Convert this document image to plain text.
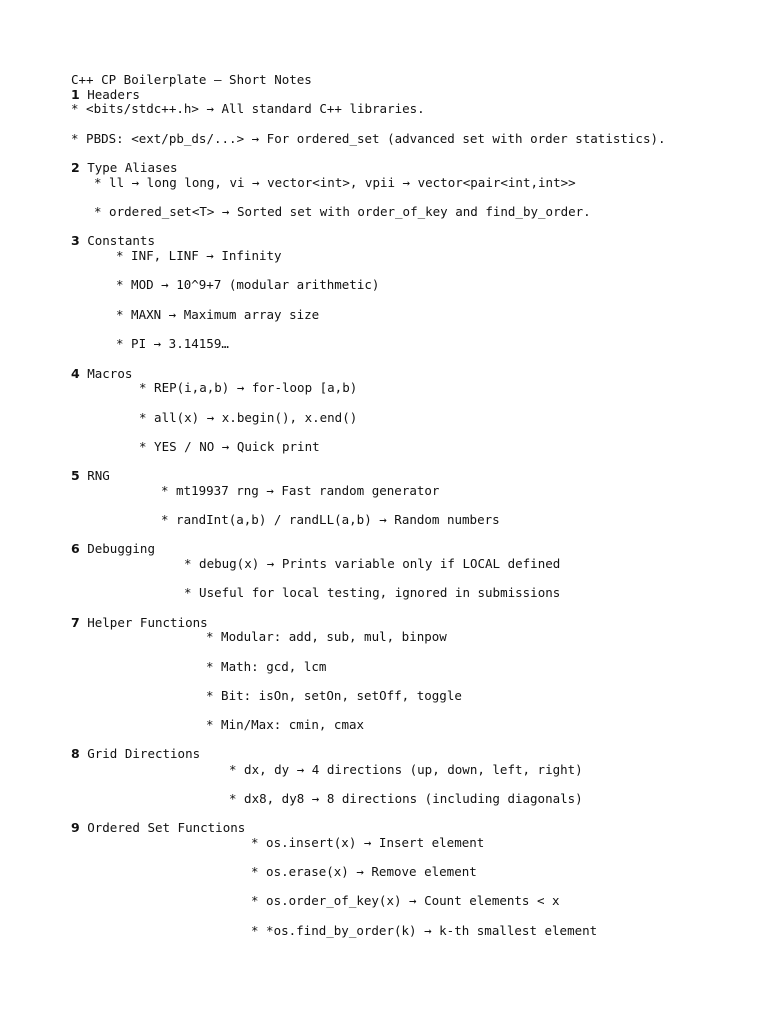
C++ CP Boilerplate – Short Notes
1 Headers
* <bits/stdc++.h> → All standard C++ libraries.
* PBDS: <ext/pb_ds/...> → For ordered_set (advanced set with order statistics).
2 Type Aliases
* ll → long long, vi → vector<int>, vpii → vector<pair<int,int>>
* ordered_set<T> → Sorted set with order_of_key and find_by_order.
3 Constants
* INF, LINF → Infinity
* MOD → 10^9+7 (modular arithmetic)
* MAXN → Maximum array size
* PI → 3.14159…
4 Macros
* REP(i,a,b) → for-loop [a,b)
* all(x) → x.begin(), x.end()
* YES / NO → Quick print
5 RNG
* mt19937 rng → Fast random generator
* randInt(a,b) / randLL(a,b) → Random numbers
6 Debugging
* debug(x) → Prints variable only if LOCAL defined
* Useful for local testing, ignored in submissions
7 Helper Functions
* Modular: add, sub, mul, binpow
* Math: gcd, lcm
* Bit: isOn, setOn, setOff, toggle
* Min/Max: cmin, cmax
8 Grid Directions
* dx, dy → 4 directions (up, down, left, right)
* dx8, dy8 → 8 directions (including diagonals)
9 Ordered Set Functions
* os.insert(x) → Insert element
* os.erase(x) → Remove element
* os.order_of_key(x) → Count elements < x
* *os.find_by_order(k) → k-th smallest element
